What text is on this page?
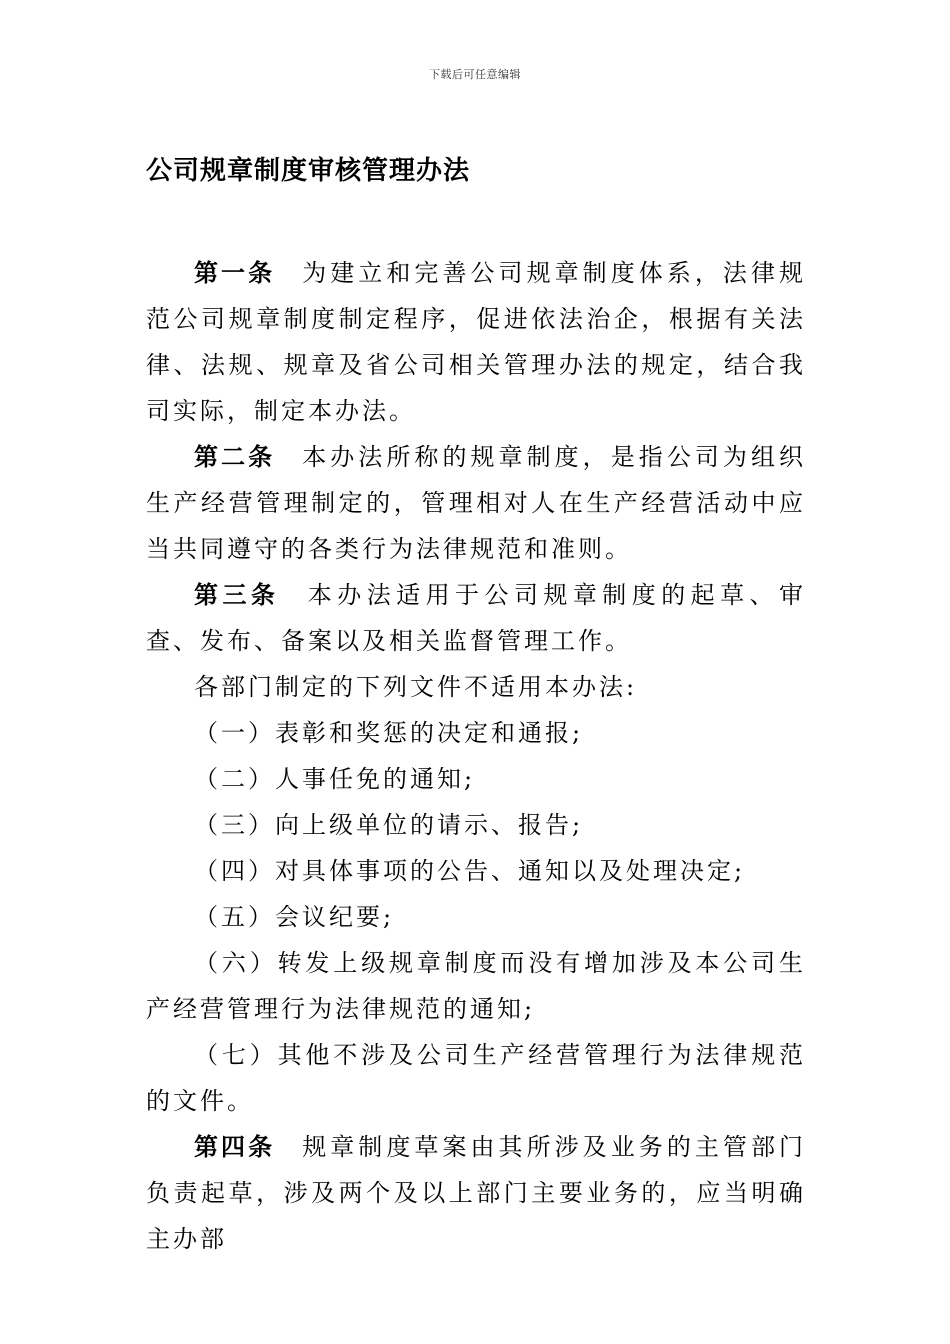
下载后可任意编辑
公司规章制度审核管理办法

第一条 为建立和完善公司规章制度体系，法律规范公司规章制度制定程序，促进依法治企，根据有关法律、法规、规章及省公司相关管理办法的规定，结合我司实际，制定本办法。

第二条 本办法所称的规章制度，是指公司为组织生产经营管理制定的，管理相对人在生产经营活动中应当共同遵守的各类行为法律规范和准则。

第三条 本办法适用于公司规章制度的起草、审查、发布、备案以及相关监督管理工作。

各部门制定的下列文件不适用本办法:

（一）表彰和奖惩的决定和通报;

（二）人事任免的通知;

（三）向上级单位的请示、报告;

（四）对具体事项的公告、通知以及处理决定;

（五）会议纪要;

（六）转发上级规章制度而没有增加涉及本公司生产经营管理行为法律规范的通知;

（七）其他不涉及公司生产经营管理行为法律规范的文件。

第四条 规章制度草案由其所涉及业务的主管部门负责起草，涉及两个及以上部门主要业务的，应当明确主办部
